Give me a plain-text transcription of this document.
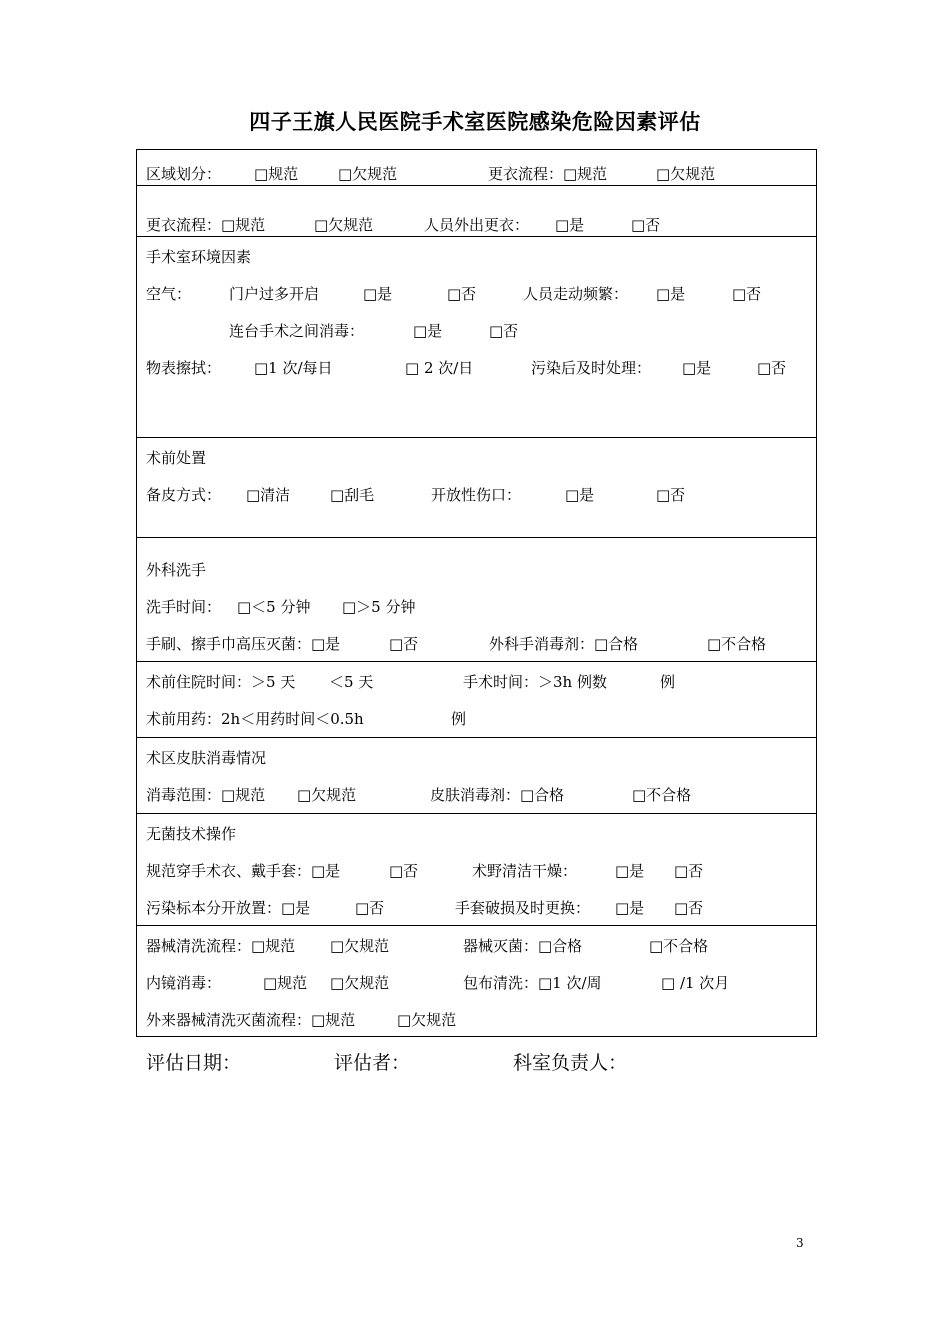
四子王旗人民医院手术室医院感染危险因素评估
区域划分： □规范	□欠规范	更衣流程：□规范	□欠规范
更衣流程：□规范	□欠规范	人员外出更衣： □是	□否
手术室环境因素
空气：	门户过多开启	□是	□否	人员走动频繁： □是	□否
连台手术之间消毒：	□是	□否
物表擦拭： □1 次/每日	□ 2 次/日	污染后及时处理： □是	□否
术前处置
备皮方式： □清洁	□刮毛	开放性伤口：	□是	□否
外科洗手
洗手时间： □＜5 分钟 □＞5 分钟
手刷、擦手巾高压灭菌：□是	□否	外科手消毒剂：□合格	□不合格
术前住院时间：＞5 天 ＜5 天	手术时间：＞3h 例数	例
术前用药：2h＜用药时间＜0.5h	例
术区皮肤消毒情况
消毒范围：□规范 □欠规范	皮肤消毒剂：□合格	□不合格
无菌技术操作
规范穿手术衣、戴手套：□是	□否	术野清洁干燥：	□是 □否
污染标本分开放置：□是	□否	手套破损及时更换： □是 □否
器械清洗流程：□规范 □欠规范	器械灭菌：□合格	□不合格
内镜消毒：	□规范 □欠规范	包布清洗：□1 次/周	□ /1 次月
外来器械清洗灭菌流程：□规范	□欠规范
评估日期：	评估者：	科室负责人：
3
